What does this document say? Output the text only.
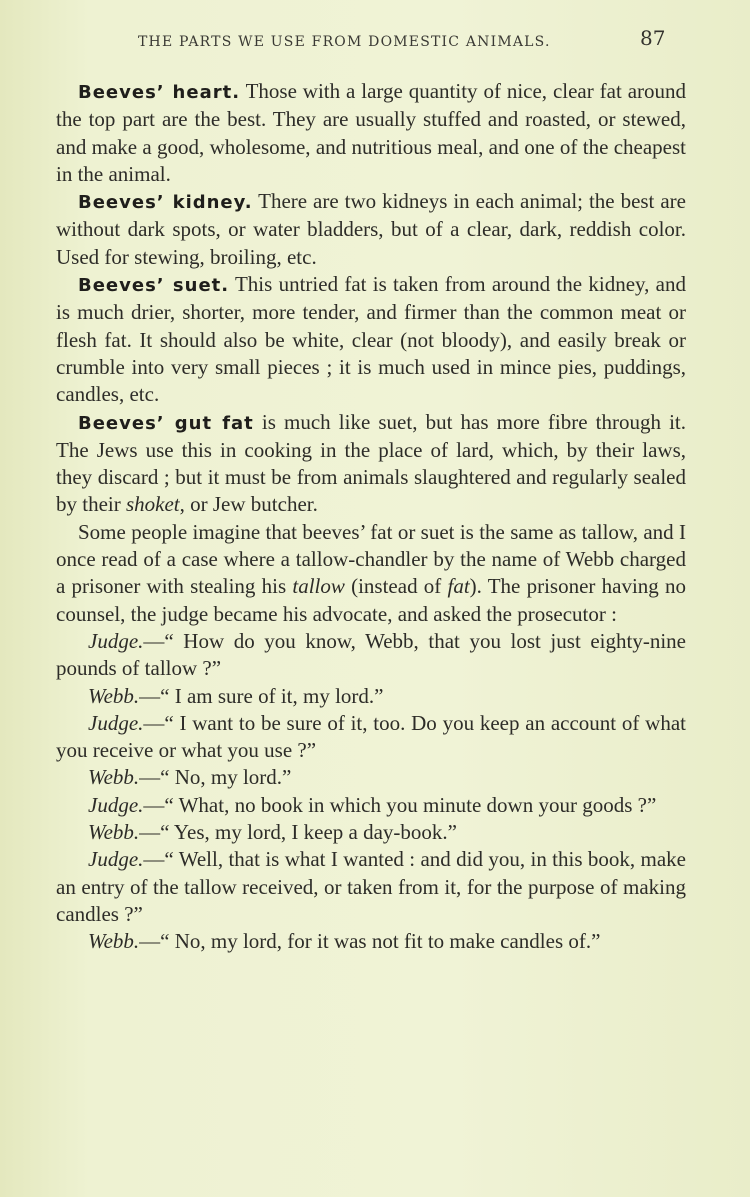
THE PARTS WE USE FROM DOMESTIC ANIMALS.	87

Beeves’ heart. Those with a large quantity of nice, clear fat around the top part are the best. They are usually stuffed and roasted, or stewed, and make a good, wholesome, and nutritious meal, and one of the cheapest in the animal.

Beeves’ kidney. There are two kidneys in each animal; the best are without dark spots, or water bladders, but of a clear, dark, reddish color. Used for stewing, broiling, etc.

Beeves’ suet. This untried fat is taken from around the kidney, and is much drier, shorter, more tender, and firmer than the common meat or flesh fat. It should also be white, clear (not bloody), and easily break or crumble into very small pieces ; it is much used in mince pies, puddings, candles, etc.

Beeves’ gut fat is much like suet, but has more fibre through it. The Jews use this in cooking in the place of lard, which, by their laws, they discard ; but it must be from animals slaughtered and regularly sealed by their shoket, or Jew butcher.

Some people imagine that beeves’ fat or suet is the same as tallow, and I once read of a case where a tallow-chandler by the name of Webb charged a prisoner with stealing his tallow (instead of fat). The prisoner having no counsel, the judge became his advocate, and asked the prosecutor :

Judge.—“ How do you know, Webb, that you lost just eighty-nine pounds of tallow ?”

Webb.—“ I am sure of it, my lord.”

Judge.—“ I want to be sure of it, too. Do you keep an account of what you receive or what you use ?”

Webb.—“ No, my lord.”

Judge.—“ What, no book in which you minute down your goods ?”

Webb.—“ Yes, my lord, I keep a day-book.”

Judge.—“ Well, that is what I wanted : and did you, in this book, make an entry of the tallow received, or taken from it, for the purpose of making candles ?”

Webb.—“ No, my lord, for it was not fit to make candles of.”
